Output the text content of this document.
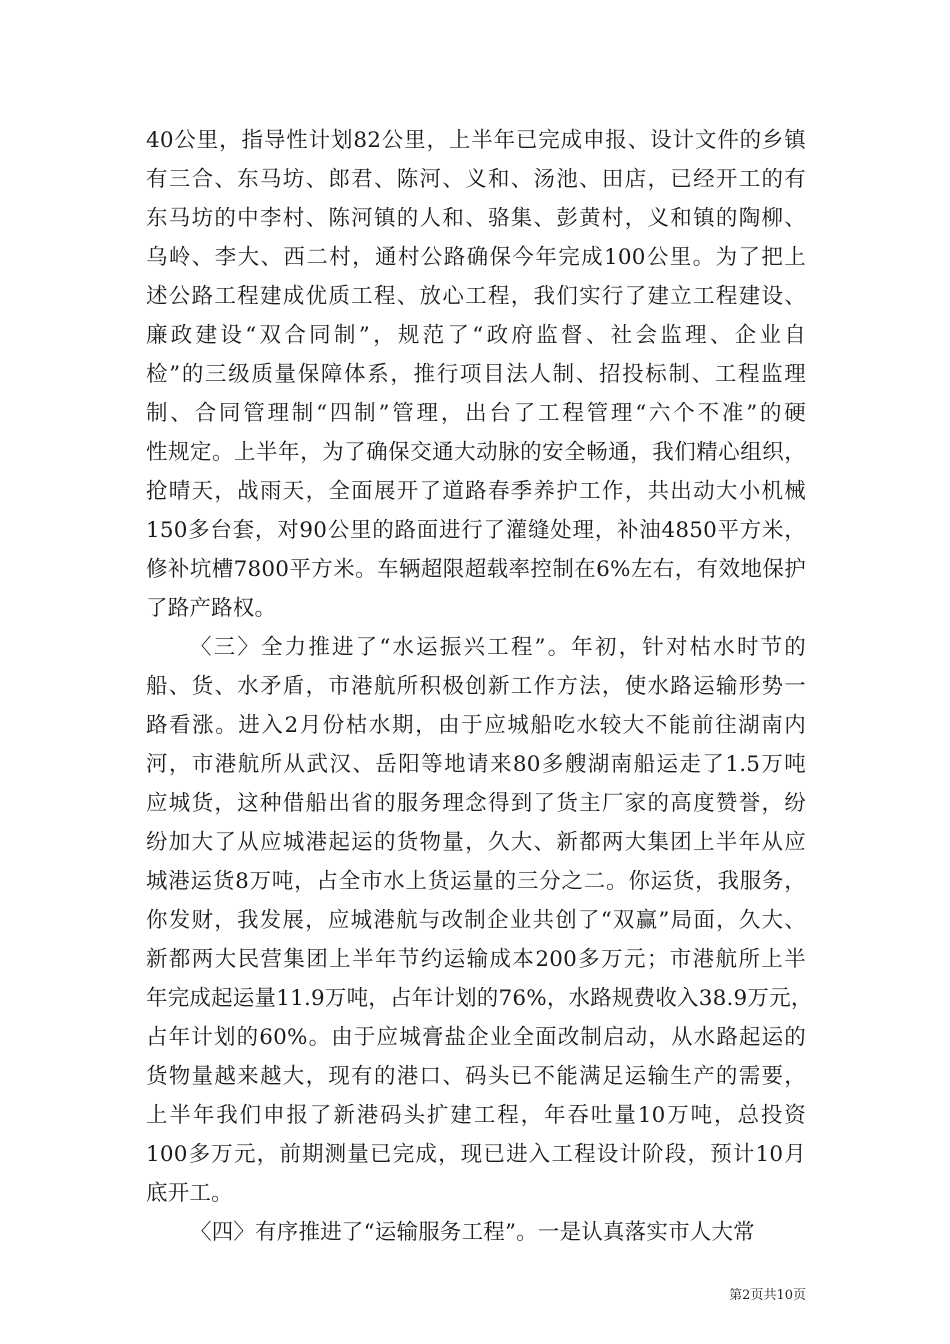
40公里，指导性计划82公里，上半年已完成申报、设计文件的乡镇
有三合、东马坊、郎君、陈河、义和、汤池、田店，已经开工的有
东马坊的中李村、陈河镇的人和、骆集、彭黄村，义和镇的陶柳、
乌岭、李大、西二村，通村公路确保今年完成100公里。为了把上
述公路工程建成优质工程、放心工程，我们实行了建立工程建设、
廉政建设“双合同制”，规范了“政府监督、社会监理、企业自
检”的三级质量保障体系，推行项目法人制、招投标制、工程监理
制、合同管理制“四制”管理，出台了工程管理“六个不准”的硬
性规定。上半年，为了确保交通大动脉的安全畅通，我们精心组织，
抢晴天，战雨天，全面展开了道路春季养护工作，共出动大小机械
150多台套，对90公里的路面进行了灌缝处理，补油4850平方米，
修补坑槽7800平方米。车辆超限超载率控制在6%左右，有效地保护
了路产路权。
〈三〉全力推进了“水运振兴工程”。年初，针对枯水时节的
船、货、水矛盾，市港航所积极创新工作方法，使水路运输形势一
路看涨。进入2月份枯水期，由于应城船吃水较大不能前往湖南内
河，市港航所从武汉、岳阳等地请来80多艘湖南船运走了1.5万吨
应城货，这种借船出省的服务理念得到了货主厂家的高度赞誉，纷
纷加大了从应城港起运的货物量，久大、新都两大集团上半年从应
城港运货8万吨，占全市水上货运量的三分之二。你运货，我服务，
你发财，我发展，应城港航与改制企业共创了“双赢”局面，久大、
新都两大民营集团上半年节约运输成本200多万元；市港航所上半
年完成起运量11.9万吨，占年计划的76%，水路规费收入38.9万元，
占年计划的60%。由于应城膏盐企业全面改制启动，从水路起运的
货物量越来越大，现有的港口、码头已不能满足运输生产的需要，
上半年我们申报了新港码头扩建工程，年吞吐量10万吨，总投资
100多万元，前期测量已完成，现已进入工程设计阶段，预计10月
底开工。
〈四〉有序推进了“运输服务工程”。一是认真落实市人大常
第2页共10页
